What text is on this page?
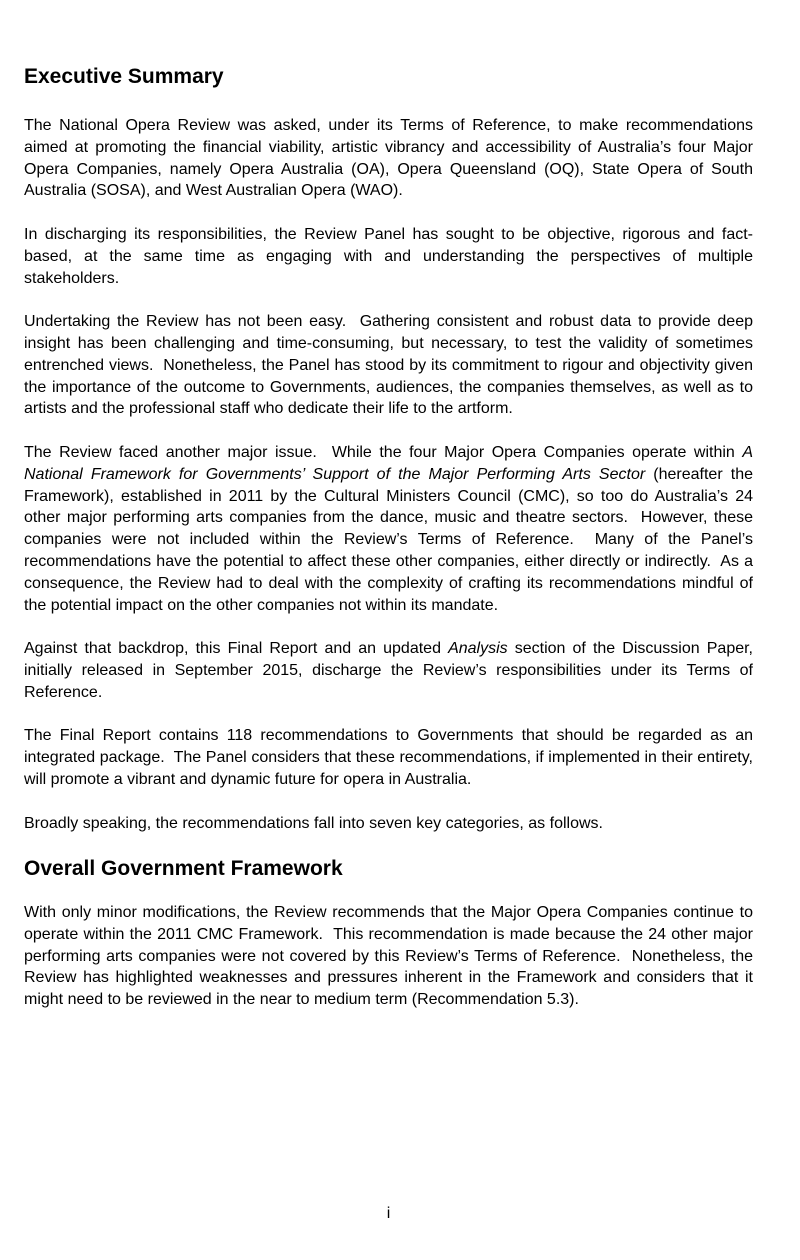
Executive Summary

The National Opera Review was asked, under its Terms of Reference, to make recommendations aimed at promoting the financial viability, artistic vibrancy and accessibility of Australia’s four Major Opera Companies, namely Opera Australia (OA), Opera Queensland (OQ), State Opera of South Australia (SOSA), and West Australian Opera (WAO).

In discharging its responsibilities, the Review Panel has sought to be objective, rigorous and fact-based, at the same time as engaging with and understanding the perspectives of multiple stakeholders.

Undertaking the Review has not been easy.  Gathering consistent and robust data to provide deep insight has been challenging and time-consuming, but necessary, to test the validity of sometimes entrenched views.  Nonetheless, the Panel has stood by its commitment to rigour and objectivity given the importance of the outcome to Governments, audiences, the companies themselves, as well as to artists and the professional staff who dedicate their life to the artform.

The Review faced another major issue.  While the four Major Opera Companies operate within A National Framework for Governments’ Support of the Major Performing Arts Sector (hereafter the Framework), established in 2011 by the Cultural Ministers Council (CMC), so too do Australia’s 24 other major performing arts companies from the dance, music and theatre sectors.  However, these companies were not included within the Review’s Terms of Reference.  Many of the Panel’s recommendations have the potential to affect these other companies, either directly or indirectly.  As a consequence, the Review had to deal with the complexity of crafting its recommendations mindful of the potential impact on the other companies not within its mandate.

Against that backdrop, this Final Report and an updated Analysis section of the Discussion Paper, initially released in September 2015, discharge the Review’s responsibilities under its Terms of Reference.

The Final Report contains 118 recommendations to Governments that should be regarded as an integrated package.  The Panel considers that these recommendations, if implemented in their entirety, will promote a vibrant and dynamic future for opera in Australia.

Broadly speaking, the recommendations fall into seven key categories, as follows.

Overall Government Framework

With only minor modifications, the Review recommends that the Major Opera Companies continue to operate within the 2011 CMC Framework.  This recommendation is made because the 24 other major performing arts companies were not covered by this Review’s Terms of Reference.  Nonetheless, the Review has highlighted weaknesses and pressures inherent in the Framework and considers that it might need to be reviewed in the near to medium term (Recommendation 5.3).

i
